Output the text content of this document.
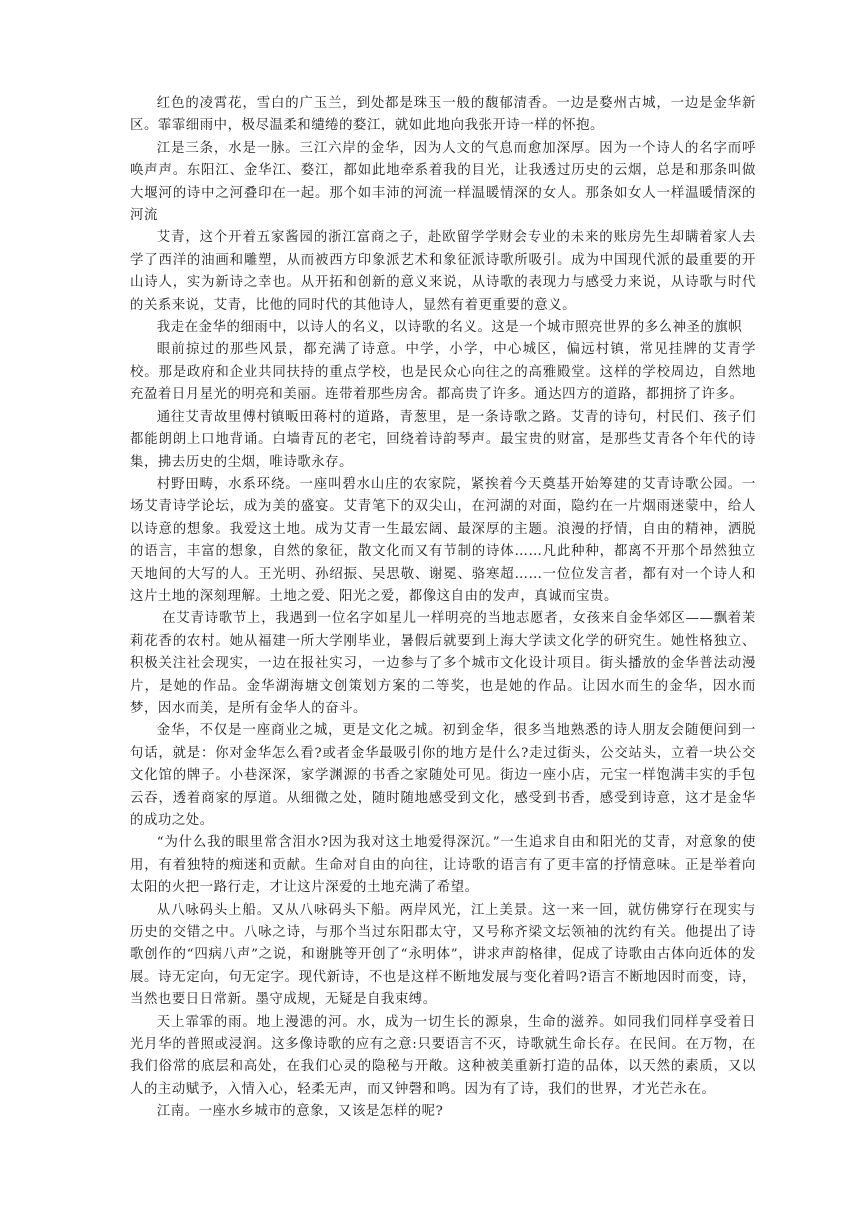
红色的凌霄花，雪白的广玉兰，到处都是珠玉一般的馥郁清香。一边是婺州古城，一边是金华新区。霏霏细雨中，极尽温柔和缱绻的婺江，就如此地向我张开诗一样的怀抱。

江是三条，水是一脉。三江六岸的金华，因为人文的气息而愈加深厚。因为一个诗人的名字而呼唤声声。东阳江、金华江、婺江，都如此地牵系着我的目光，让我透过历史的云烟，总是和那条叫做大堰河的诗中之河叠印在一起。那个如丰沛的河流一样温暖情深的女人。那条如女人一样温暖情深的河流

艾青，这个开着五家酱园的浙江富商之子，赴欧留学学财会专业的未来的账房先生却瞒着家人去学了西洋的油画和雕塑，从而被西方印象派艺术和象征派诗歌所吸引。成为中国现代派的最重要的开山诗人，实为新诗之幸也。从开拓和创新的意义来说，从诗歌的表现力与感受力来说，从诗歌与时代的关系来说，艾青，比他的同时代的其他诗人，显然有着更重要的意义。

我走在金华的细雨中，以诗人的名义，以诗歌的名义。这是一个城市照亮世界的多么神圣的旗帜

眼前掠过的那些风景，都充满了诗意。中学，小学，中心城区，偏远村镇，常见挂牌的艾青学校。那是政府和企业共同扶持的重点学校，也是民众心向往之的高雅殿堂。这样的学校周边，自然地充盈着日月星光的明亮和美丽。连带着那些房舍。都高贵了许多。通达四方的道路，都拥挤了许多。

通往艾青故里傅村镇畈田蒋村的道路，青葱里，是一条诗歌之路。艾青的诗句，村民们、孩子们都能朗朗上口地背诵。白墙青瓦的老宅，回绕着诗韵琴声。最宝贵的财富，是那些艾青各个年代的诗集，拂去历史的尘烟，唯诗歌永存。

村野田畴，水系环绕。一座叫碧水山庄的农家院，紧挨着今天奠基开始筹建的艾青诗歌公园。一场艾青诗学论坛，成为美的盛宴。艾青笔下的双尖山，在河湖的对面，隐约在一片烟雨迷蒙中，给人以诗意的想象。我爱这土地。成为艾青一生最宏阔、最深厚的主题。浪漫的抒情，自由的精神，洒脱的语言，丰富的想象，自然的象征，散文化而又有节制的诗体……凡此种种，都离不开那个昂然独立天地间的大写的人。王光明、孙绍振、吴思敬、谢冕、骆寒超……一位位发言者，都有对一个诗人和这片土地的深刻理解。土地之爱、阳光之爱，都像这自由的发声，真诚而宝贵。

在艾青诗歌节上，我遇到一位名字如星儿一样明亮的当地志愿者，女孩来自金华郊区——飘着茉莉花香的农村。她从福建一所大学刚毕业，暑假后就要到上海大学读文化学的研究生。她性格独立、积极关注社会现实，一边在报社实习，一边参与了多个城市文化设计项目。街头播放的金华普法动漫片，是她的作品。金华湖海塘文创策划方案的二等奖，也是她的作品。让因水而生的金华，因水而梦，因水而美，是所有金华人的奋斗。

金华，不仅是一座商业之城，更是文化之城。初到金华，很多当地熟悉的诗人朋友会随便问到一句话，就是：你对金华怎么看?或者金华最吸引你的地方是什么?走过街头，公交站头，立着一块公交文化馆的牌子。小巷深深，家学渊源的书香之家随处可见。街边一座小店，元宝一样饱满丰实的手包云吞，透着商家的厚道。从细微之处，随时随地感受到文化，感受到书香，感受到诗意，这才是金华的成功之处。

“为什么我的眼里常含泪水?因为我对这土地爱得深沉。”一生追求自由和阳光的艾青，对意象的使用，有着独特的痴迷和贡献。生命对自由的向往，让诗歌的语言有了更丰富的抒情意味。正是举着向太阳的火把一路行走，才让这片深爱的土地充满了希望。

从八咏码头上船。又从八咏码头下船。两岸风光，江上美景。这一来一回，就仿佛穿行在现实与历史的交错之中。八咏之诗，与那个当过东阳郡太守，又号称齐梁文坛领袖的沈约有关。他提出了诗歌创作的“四病八声”之说，和谢朓等开创了“永明体”，讲求声韵格律，促成了诗歌由古体向近体的发展。诗无定向，句无定字。现代新诗，不也是这样不断地发展与变化着吗?语言不断地因时而变，诗，当然也要日日常新。墨守成规，无疑是自我束缚。

天上霏霏的雨。地上漫漶的河。水，成为一切生长的源泉，生命的滋养。如同我们同样享受着日光月华的普照或浸润。这多像诗歌的应有之意:只要语言不灭，诗歌就生命长存。在民间。在万物，在我们俗常的底层和高处，在我们心灵的隐秘与开敞。这种被美重新打造的品体，以天然的素质，又以人的主动赋予，入情入心，轻柔无声，而又钟磬和鸣。因为有了诗，我们的世界，才光芒永在。

江南。一座水乡城市的意象，又该是怎样的呢?
